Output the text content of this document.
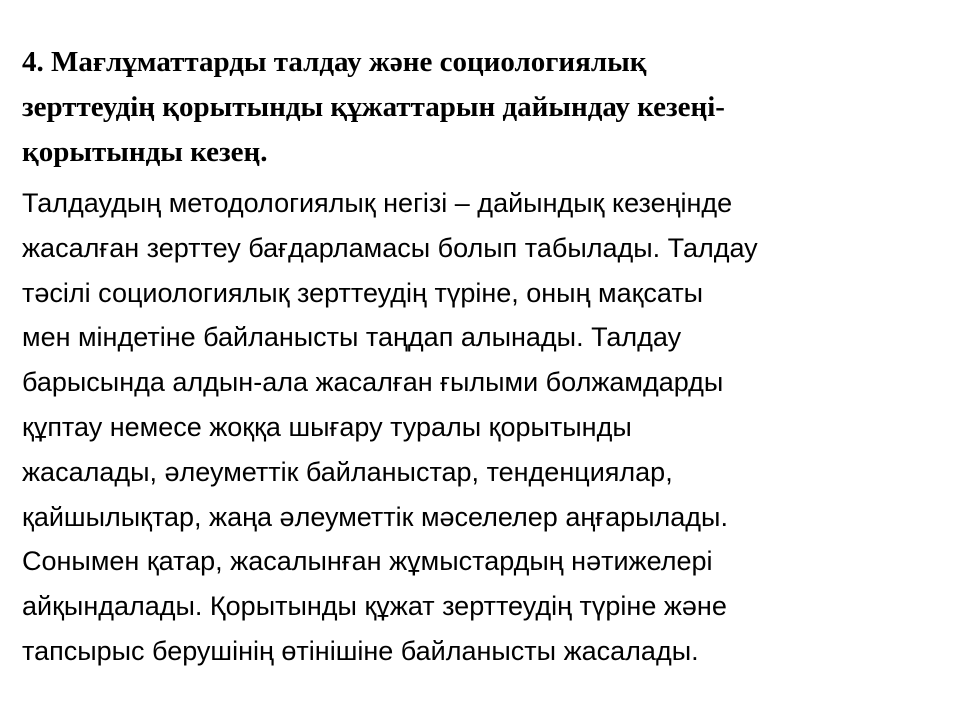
4. Мағлұматтарды талдау және социологиялық
зерттеудің қорытынды құжаттарын дайындау кезеңі-
қорытынды кезең.

Талдаудың методологиялық негізі – дайындық кезеңінде
жасалған зерттеу бағдарламасы болып табылады. Талдау
тәсілі социологиялық зерттеудің түріне, оның мақсаты
мен міндетіне байланысты таңдап алынады. Талдау
барысында алдын-ала жасалған ғылыми болжамдарды
құптау немесе жоққа шығару туралы қорытынды
жасалады, әлеуметтік байланыстар, тенденциялар,
қайшылықтар, жаңа әлеуметтік мәселелер аңғарылады.
Сонымен қатар, жасалынған жұмыстардың нәтижелері
айқындалады. Қорытынды құжат зерттеудің түріне және
тапсырыс берушінің өтінішіне байланысты жасалады.
